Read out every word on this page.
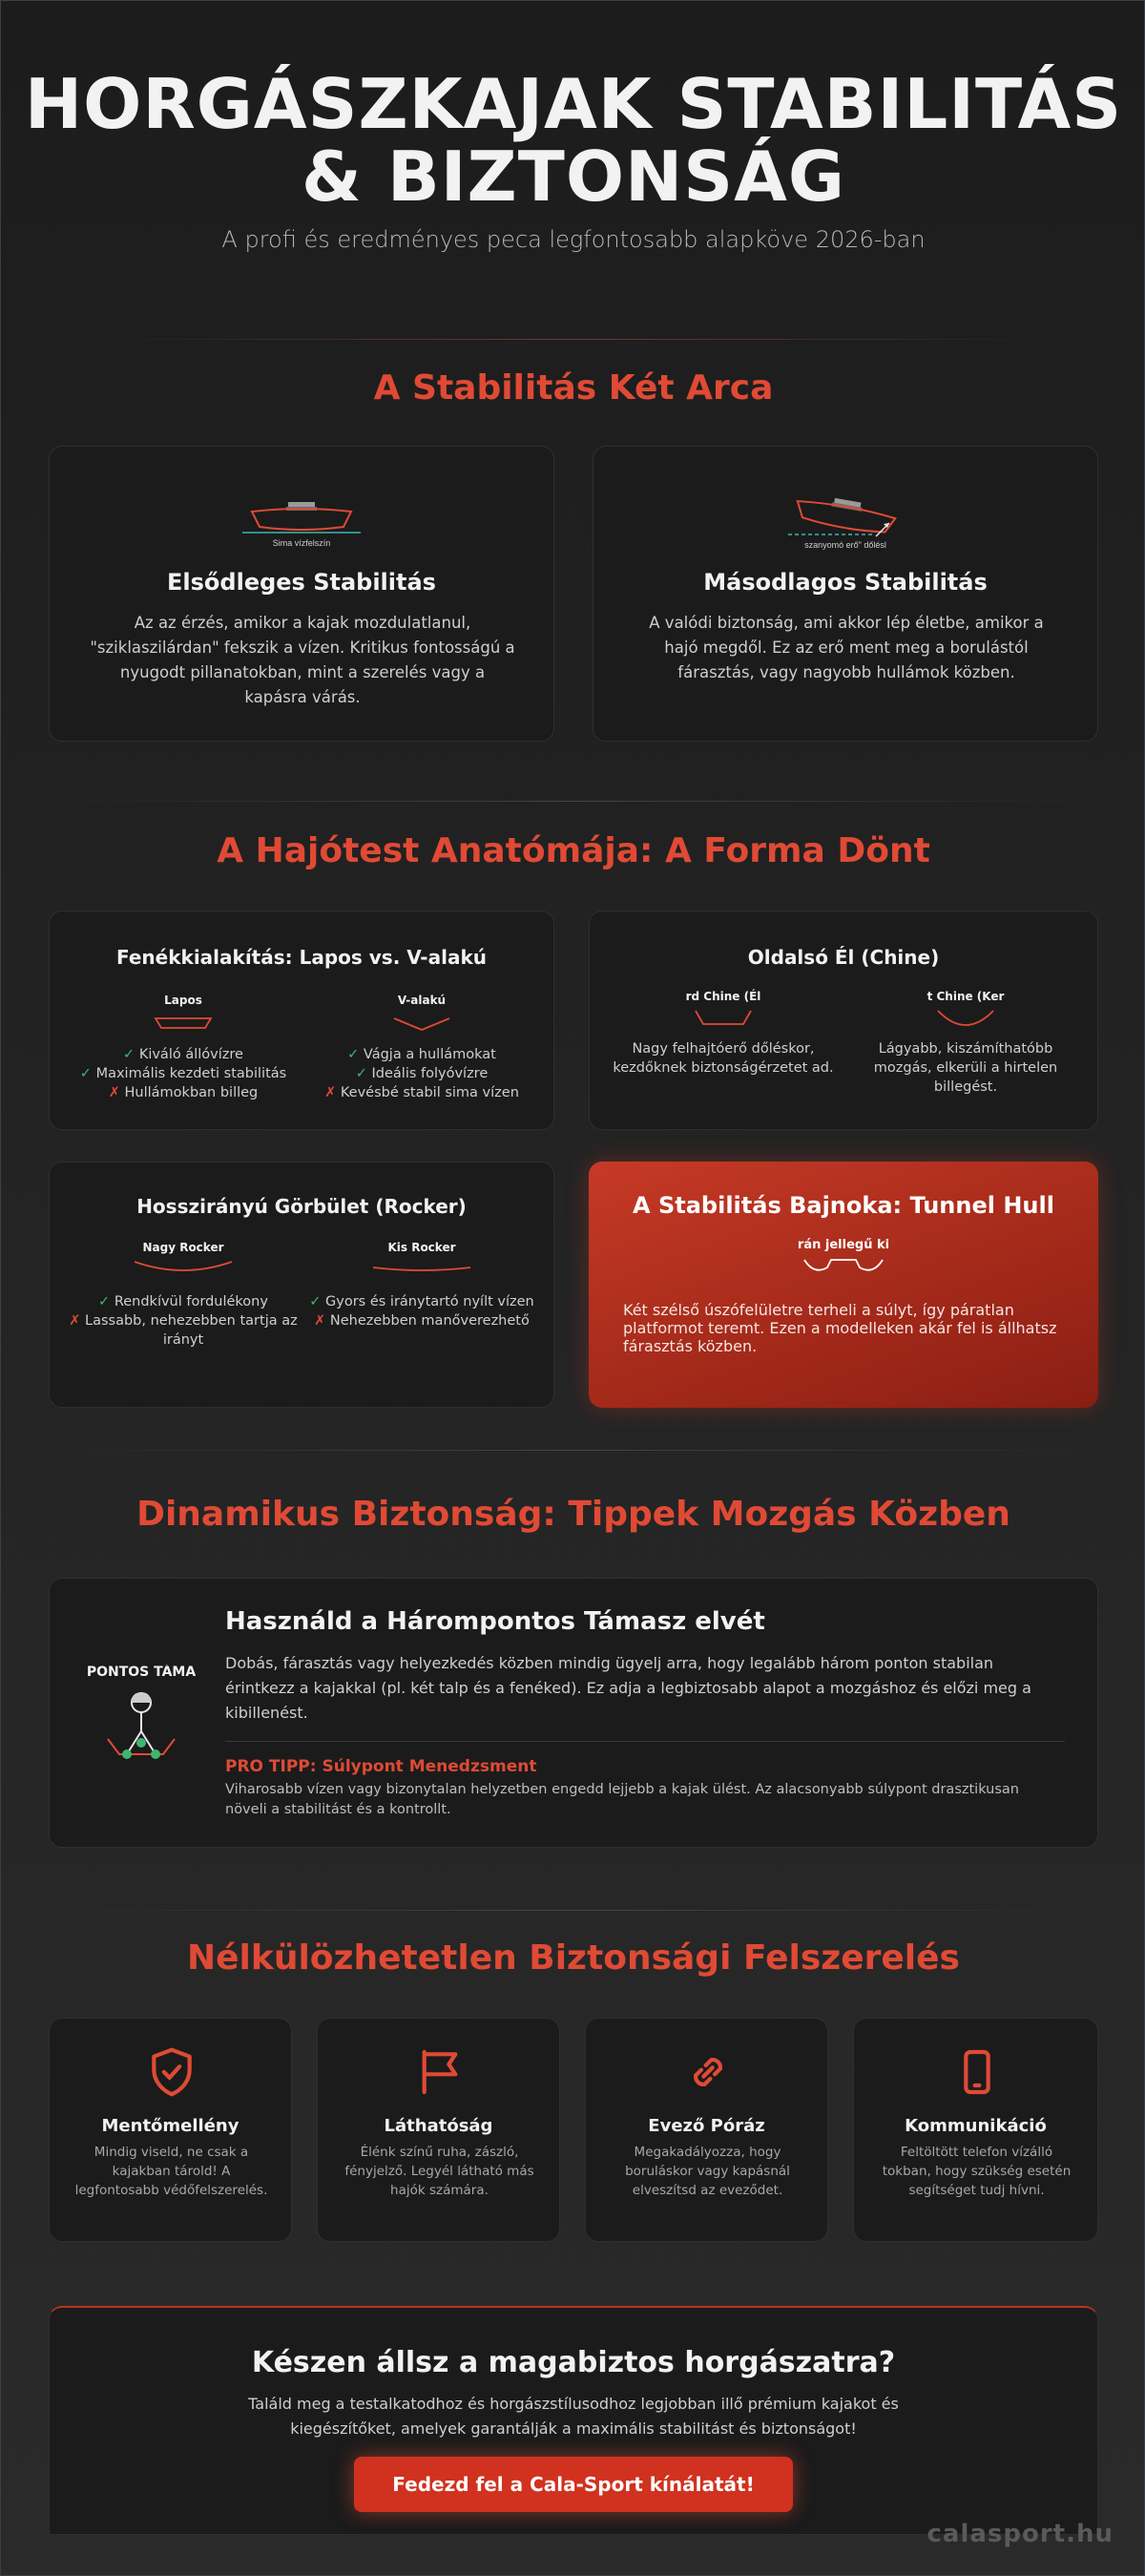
HORGÁSZKAJAK STABILITÁS
& BIZTONSÁG
A profi és eredményes peca legfontosabb alapköve 2026-ban
A Stabilitás Két Arca
Sima vízfelszín
Elsődleges Stabilitás

Az az érzés, amikor a kajak mozdulatlanul, "sziklaszilárdan" fekszik a vízen. Kritikus fontosságú a nyugodt pillanatokban, mint a szerelés vagy a kapásra várás.

szanyomó erő" dőlésl
Másodlagos Stabilitás

A valódi biztonság, ami akkor lép életbe, amikor a hajó megdől. Ez az erő ment meg a borulástól fárasztás, vagy nagyobb hullámok közben.

A Hajótest Anatómája: A Forma Dönt
Fenékkialakítás: Lapos vs. V-alakú
Lapos
✓ Kiváló állóvízre
✓ Maximális kezdeti stabilitás
✗ Hullámokban billeg
V-alakú
✓ Vágja a hullámokat
✓ Ideális folyóvízre
✗ Kevésbé stabil sima vízen
Oldalsó Él (Chine)
rd Chine (Él
Nagy felhajtóerő dőléskor, kezdőknek biztonságérzetet ad.
t Chine (Ker
Lágyabb, kiszámíthatóbb mozgás, elkerüli a hirtelen billegést.
Hosszirányú Görbület (Rocker)
Nagy Rocker
✓ Rendkívül fordulékony
✗ Lassabb, nehezebben tartja az irányt
Kis Rocker
✓ Gyors és iránytartó nyílt vízen
✗ Nehezebben manőverezhető
A Stabilitás Bajnoka: Tunnel Hull
rán jellegű ki

Két szélső úszófelületre terheli a súlyt, így páratlan platformot teremt. Ezen a modelleken akár fel is állhatsz fárasztás közben.

Dinamikus Biztonság: Tippek Mozgás Közben
PONTOS TÁMA
Használd a Hárompontos Támasz elvét
Dobás, fárasztás vagy helyezkedés közben mindig ügyelj arra, hogy legalább három ponton stabilan érintkezz a kajakkal (pl. két talp és a fenéked). Ez adja a legbiztosabb alapot a mozgáshoz és előzi meg a kibillenést.
PRO TIPP: Súlypont Menedzsment
Viharosabb vízen vagy bizonytalan helyzetben engedd lejjebb a kajak ülést. Az alacsonyabb súlypont drasztikusan növeli a stabilitást és a kontrollt.
Nélkülözhetetlen Biztonsági Felszerelés
Mentőmellény

Mindig viseld, ne csak a kajakban tárold! A legfontosabb védőfelszerelés.

Láthatóság

Élénk színű ruha, zászló, fényjelző. Legyél látható más hajók számára.

Evező Póráz

Megakadályozza, hogy boruláskor vagy kapásnál elveszítsd az eveződet.

Kommunikáció

Feltöltött telefon vízálló tokban, hogy szükség esetén segítséget tudj hívni.

Készen állsz a magabiztos horgászatra?
Találd meg a testalkatodhoz és horgászstílusodhoz legjobban illő prémium kajakot és
kiegészítőket, amelyek garantálják a maximális stabilitást és biztonságot!
Fedezd fel a Cala-Sport kínálatát!
calasport.hu
